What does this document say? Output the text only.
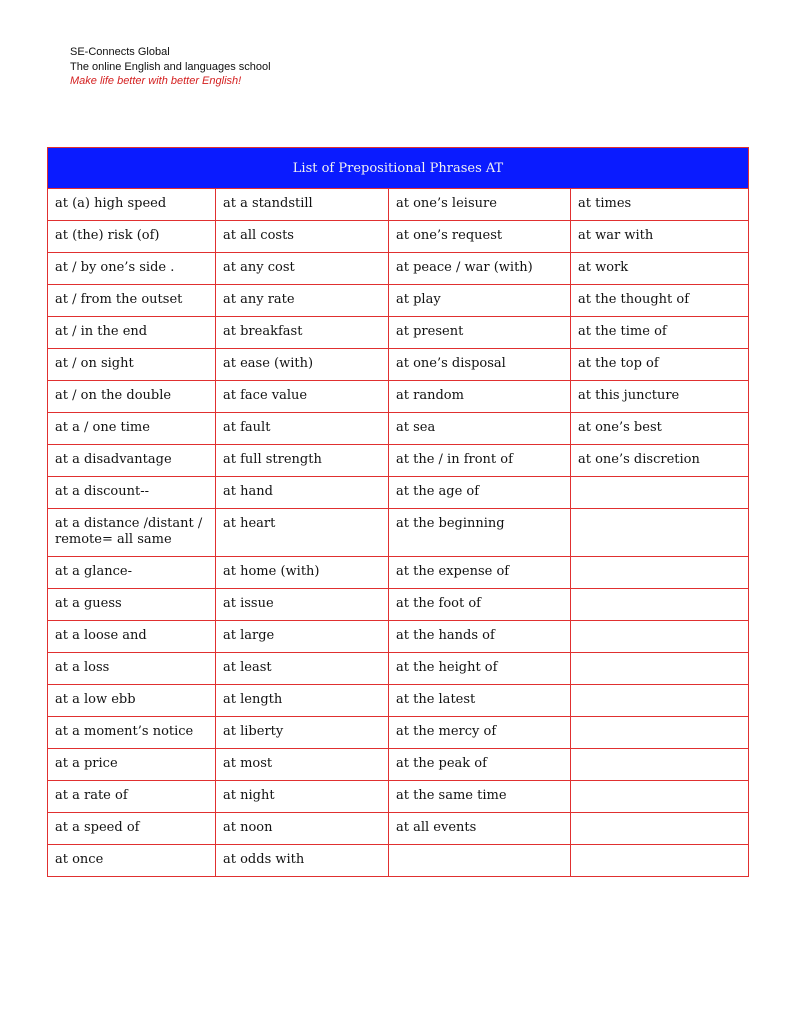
SE-Connects Global
The online English and languages school
Make life better with better English!
List of Prepositional Phrases AT			
at (a) high speed	at a standstill	at one’s leisure	at times
at (the) risk (of)	at all costs	at one’s request	at war with
at / by one’s side .	at any cost	at peace / war (with)	at work
at / from the outset	at any rate	at play	at the thought of
at / in the end	at breakfast	at present	at the time of
at / on sight	at ease (with)	at one’s disposal	at the top of
at / on the double	at face value	at random	at this juncture
at a / one time	at fault	at sea	at one’s best
at a disadvantage	at full strength	at the / in front of	at one’s discretion
at a discount--	at hand	at the age of	
at a distance /distant / remote= all same	at heart	at the beginning	
at a glance-	at home (with)	at the expense of	
at a guess	at issue	at the foot of	
at a loose and	at large	at the hands of	
at a loss	at least	at the height of	
at a low ebb	at length	at the latest	
at a moment’s notice	at liberty	at the mercy of	
at a price	at most	at the peak of	
at a rate of	at night	at the same time	
at a speed of	at noon	at all events	
at once	at odds with		
